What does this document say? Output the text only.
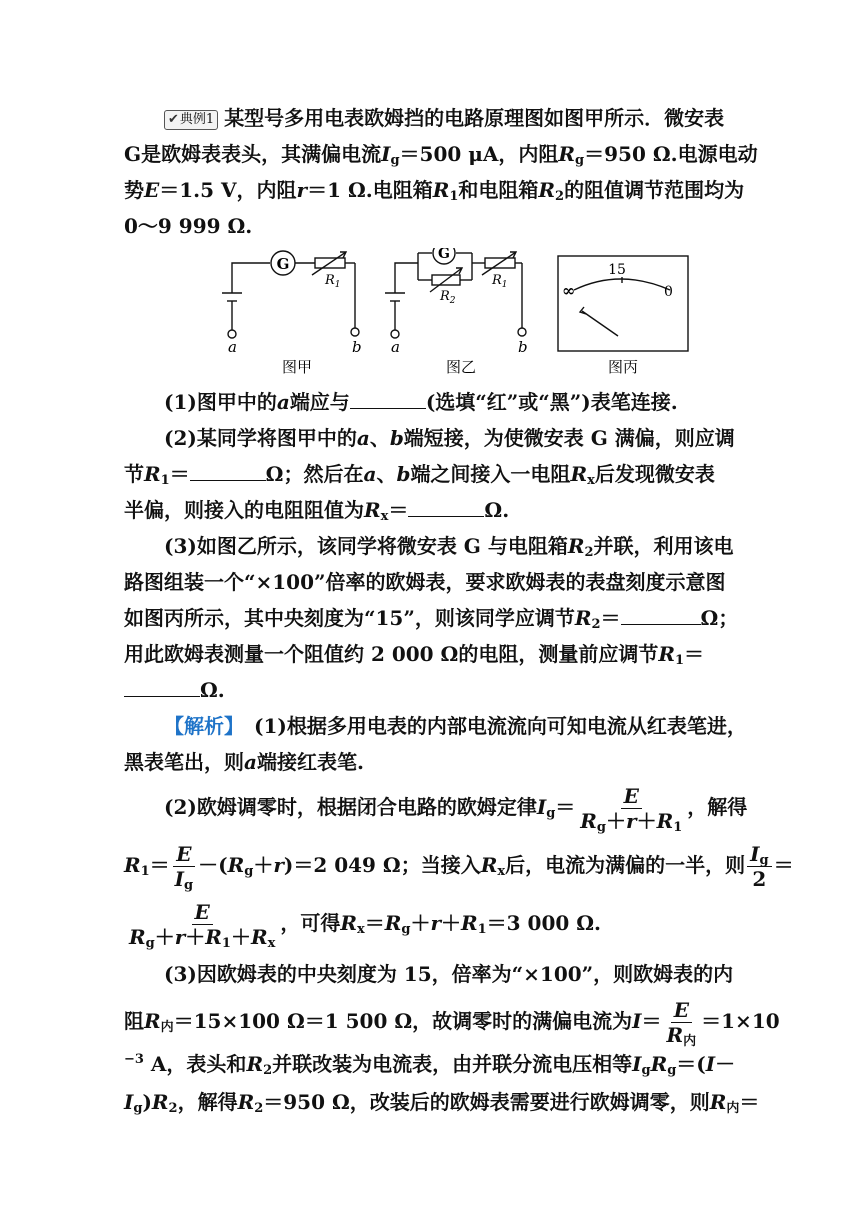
✔典例1 某型号多用电表欧姆挡的电路原理图如图甲所示．微安表
G是欧姆表表头，其满偏电流$I_g=500$ μA，内阻$R_g=950$ Ω.电源电动
势E＝1.5 V，内阻r＝1 Ω.电阻箱$R_1$和电阻箱$R_2$的阻值调节范围均为
0～9 999 Ω.
G
$R_1$
a	b
图甲
G
$R_2$
$R_1$
a	b
图乙
15
∞	0
图丙
(1)图甲中的a端应与	(选填“红”或“黑”)表笔连接.
(2)某同学将图甲中的a、b端短接，为使微安表 G 满偏，则应调
节$R_1=$	Ω；然后在a、b端之间接入一电阻$R_x$后发现微安表
半偏，则接入的电阻阻值为$R_x=$	Ω.
(3)如图乙所示，该同学将微安表 G 与电阻箱$R_2$并联，利用该电
路图组装一个“×100”倍率的欧姆表，要求欧姆表的表盘刻度示意图
如图丙所示，其中央刻度为“15”，则该同学应调节$R_2=$	Ω；
用此欧姆表测量一个阻值约 2 000 Ω的电阻，测量前应调节$R_1=$
Ω.
【解析】 (1)根据多用电表的内部电流流向可知电流从红表笔进，
黑表笔出，则a端接红表笔.
(2)欧姆调零时，根据闭合电路的欧姆定律$I_g= \frac{E}{R_g+r+R_1}$ ，解得
$R_1= \frac{E}{I_g} -(R_g+r)=2$ 049 Ω；当接入$R_x$后，电流为满偏的一半，则 $\frac{I_g}{2}$ ＝
$\frac{E}{R_g+r+R_1+R_x}$ ，可得$R_x=R_g+r+R_1=3$ 000 Ω.
(3)因欧姆表的中央刻度为 15，倍率为“×100”，则欧姆表的内
阻$R_内=15\times 100$ Ω＝1 500 Ω，故调零时的满偏电流为$I= \frac{E}{R_内} =1\times 10$
$^{-3}$ A，表头和$R_2$并联改装为电流表，由并联分流电压相等$I_gR_g=(I-$
$I_g)R_2$，解得$R_2=950$ Ω，改装后的欧姆表需要进行欧姆调零，则$R_内=$
